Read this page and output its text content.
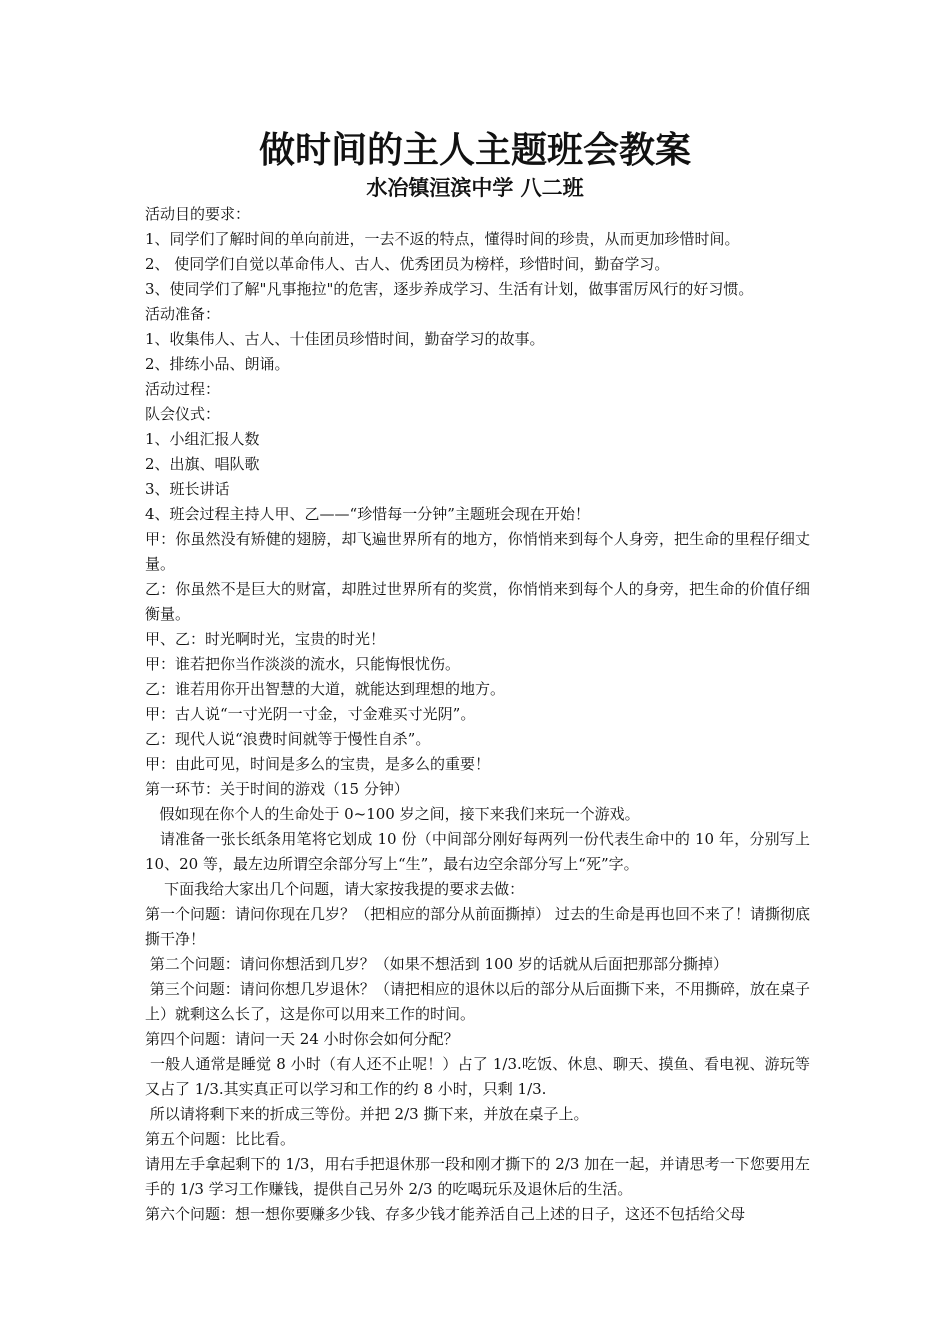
做时间的主人主题班会教案
水冶镇洹滨中学 八二班

活动目的要求：

1、同学们了解时间的单向前进，一去不返的特点，懂得时间的珍贵，从而更加珍惜时间。

2、 使同学们自觉以革命伟人、古人、优秀团员为榜样，珍惜时间，勤奋学习。

3、使同学们了解"凡事拖拉"的危害，逐步养成学习、生活有计划，做事雷厉风行的好习惯。

活动准备：

1、收集伟人、古人、十佳团员珍惜时间，勤奋学习的故事。

2、排练小品、朗诵。

活动过程：

队会仪式：

1、小组汇报人数

2、出旗、唱队歌

3、班长讲话

4、班会过程主持人甲、乙——“珍惜每一分钟”主题班会现在开始！

甲：你虽然没有矫健的翅膀，却飞遍世界所有的地方，你悄悄来到每个人身旁，把生命的里程仔细丈量。

乙：你虽然不是巨大的财富，却胜过世界所有的奖赏，你悄悄来到每个人的身旁，把生命的价值仔细衡量。

甲、乙：时光啊时光，宝贵的时光！

甲：谁若把你当作淡淡的流水，只能悔恨忧伤。

乙：谁若用你开出智慧的大道，就能达到理想的地方。

甲：古人说“一寸光阴一寸金，寸金难买寸光阴”。

乙：现代人说“浪费时间就等于慢性自杀”。

甲：由此可见，时间是多么的宝贵，是多么的重要！

第一环节：关于时间的游戏（15 分钟）

假如现在你个人的生命处于 0~100 岁之间，接下来我们来玩一个游戏。

请准备一张长纸条用笔将它划成 10 份（中间部分刚好每两列一份代表生命中的 10 年，分别写上 10、20 等，最左边所谓空余部分写上“生”，最右边空余部分写上“死”字。

下面我给大家出几个问题，请大家按我提的要求去做：

第一个问题：请问你现在几岁？（把相应的部分从前面撕掉） 过去的生命是再也回不来了！请撕彻底撕干净！

第二个问题：请问你想活到几岁？（如果不想活到 100 岁的话就从后面把那部分撕掉）

第三个问题：请问你想几岁退休？（请把相应的退休以后的部分从后面撕下来，不用撕碎，放在桌子上）就剩这么长了，这是你可以用来工作的时间。

第四个问题：请问一天 24 小时你会如何分配？

一般人通常是睡觉 8 小时（有人还不止呢！）占了 1/3.吃饭、休息、聊天、摸鱼、看电视、游玩等又占了 1/3.其实真正可以学习和工作的约 8 小时，只剩 1/3.

所以请将剩下来的折成三等份。并把 2/3 撕下来，并放在桌子上。

第五个问题：比比看。

请用左手拿起剩下的 1/3，用右手把退休那一段和刚才撕下的 2/3 加在一起，并请思考一下您要用左手的 1/3 学习工作赚钱，提供自己另外 2/3 的吃喝玩乐及退休后的生活。

第六个问题：想一想你要赚多少钱、存多少钱才能养活自己上述的日子，这还不包括给父母
